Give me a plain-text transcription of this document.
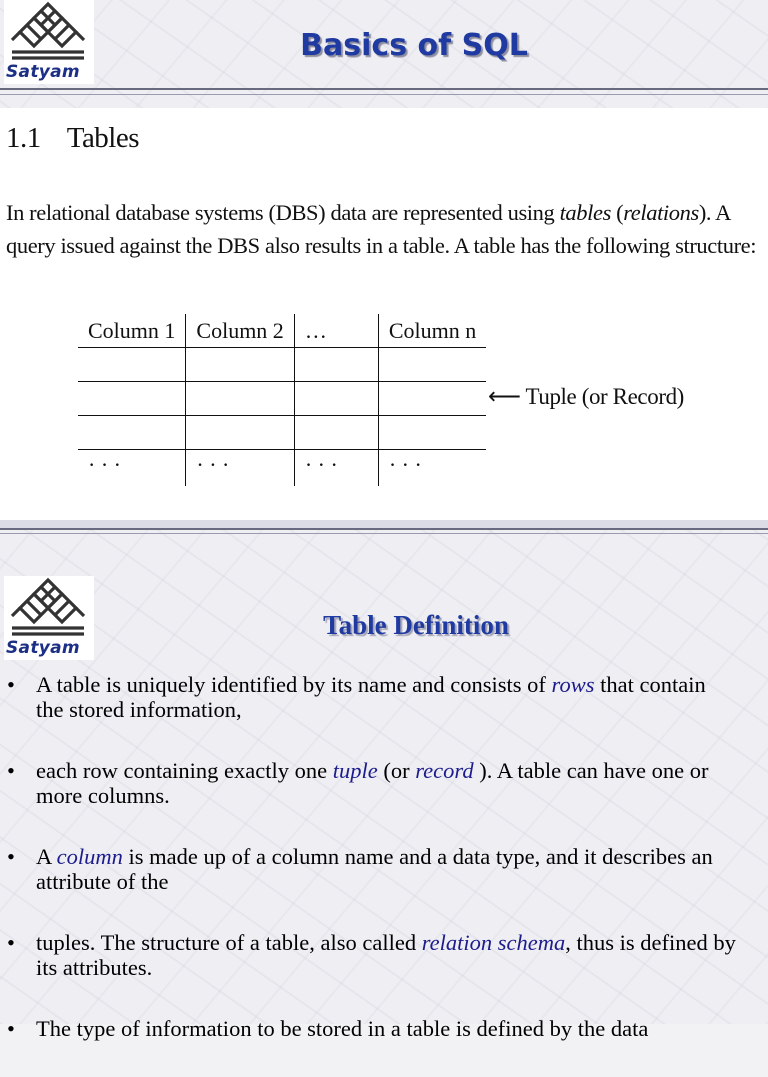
Satyam
Basics of SQL
1.1 Tables
In relational database systems (DBS) data are represented using tables (relations). A query issued against the DBS also results in a table. A table has the following structure:
Column 1	Column 2	…	Column n

· · ·	· · ·	· · ·	· · ·
⟵ Tuple (or Record)
Satyam
Table Definition
• A table is uniquely identified by its name and consists of rows that contain the stored information,
• each row containing exactly one tuple (or record ). A table can have one or more columns.
• A column is made up of a column name and a data type, and it describes an attribute of the
• tuples. The structure of a table, also called relation schema, thus is defined by its attributes.
• The type of information to be stored in a table is defined by the data
